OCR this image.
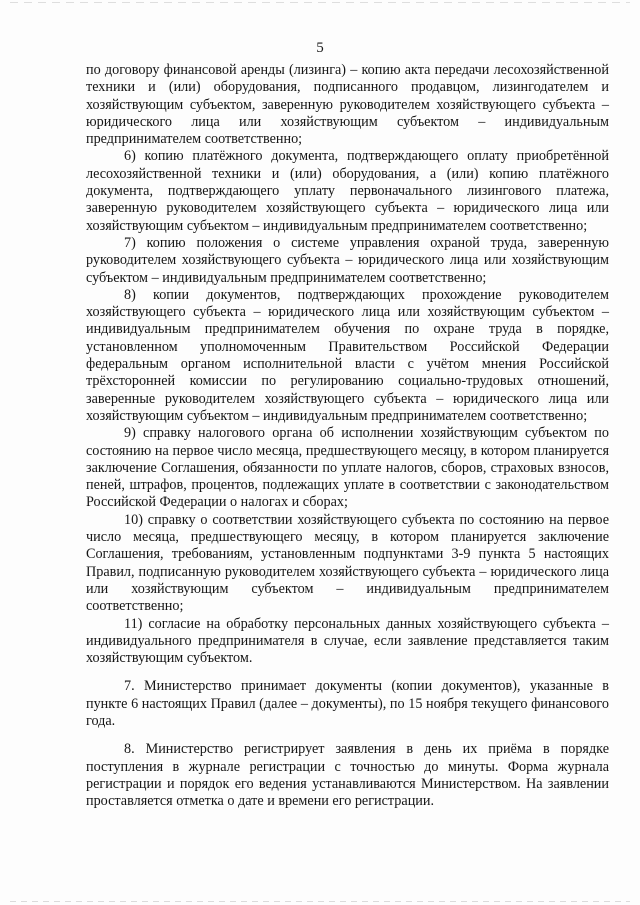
5

по договору финансовой аренды (лизинга) – копию акта передачи лесохозяйственной техники и (или) оборудования, подписанного продавцом, лизингодателем и хозяйствующим субъектом, заверенную руководителем хозяйствующего субъекта – юридического лица или хозяйствующим субъектом – индивидуальным предпринимателем соответственно;

6) копию платёжного документа, подтверждающего оплату приобретённой лесохозяйственной техники и (или) оборудования, а (или) копию платёжного документа, подтверждающего уплату первоначального лизингового платежа, заверенную руководителем хозяйствующего субъекта – юридического лица или хозяйствующим субъектом – индивидуальным предпринимателем соответственно;

7) копию положения о системе управления охраной труда, заверенную руководителем хозяйствующего субъекта – юридического лица или хозяйствующим субъектом – индивидуальным предпринимателем соответственно;

8) копии документов, подтверждающих прохождение руководителем хозяйствующего субъекта – юридического лица или хозяйствующим субъектом – индивидуальным предпринимателем обучения по охране труда в порядке, установленном уполномоченным Правительством Российской Федерации федеральным органом исполнительной власти с учётом мнения Российской трёхсторонней комиссии по регулированию социально-трудовых отношений, заверенные руководителем хозяйствующего субъекта – юридического лица или хозяйствующим субъектом – индивидуальным предпринимателем соответственно;

9) справку налогового органа об исполнении хозяйствующим субъектом по состоянию на первое число месяца, предшествующего месяцу, в котором планируется заключение Соглашения, обязанности по уплате налогов, сборов, страховых взносов, пеней, штрафов, процентов, подлежащих уплате в соответствии с законодательством Российской Федерации о налогах и сборах;

10) справку о соответствии хозяйствующего субъекта по состоянию на первое число месяца, предшествующего месяцу, в котором планируется заключение Соглашения, требованиям, установленным подпунктами 3-9 пункта 5 настоящих Правил, подписанную руководителем хозяйствующего субъекта – юридического лица или хозяйствующим субъектом – индивидуальным предпринимателем соответственно;

11) согласие на обработку персональных данных хозяйствующего субъекта – индивидуального предпринимателя в случае, если заявление представляется таким хозяйствующим субъектом.

7. Министерство принимает документы (копии документов), указанные в пункте 6 настоящих Правил (далее – документы), по 15 ноября текущего финансового года.

8. Министерство регистрирует заявления в день их приёма в порядке поступления в журнале регистрации с точностью до минуты. Форма журнала регистрации и порядок его ведения устанавливаются Министерством. На заявлении проставляется отметка о дате и времени его регистрации.
